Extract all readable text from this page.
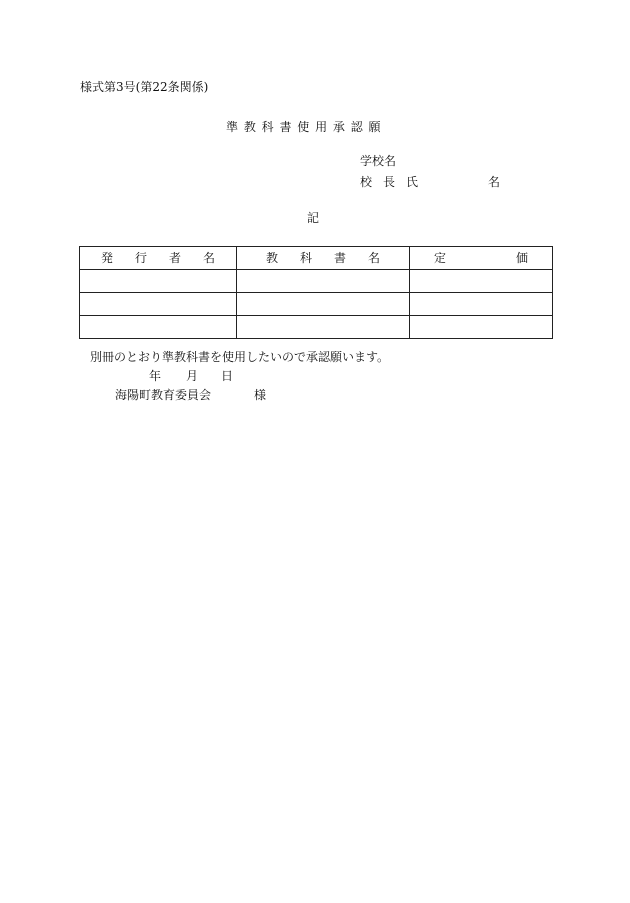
様式第3号(第22条関係)
準 教 科 書 使 用 承 認 願
学校名
校 長 氏	名
記
発 行 者 名	教 科 書 名	定 価

別冊のとおり準教科書を使用したいので承認願います。
年 月 日
海陽町教育委員会	様
